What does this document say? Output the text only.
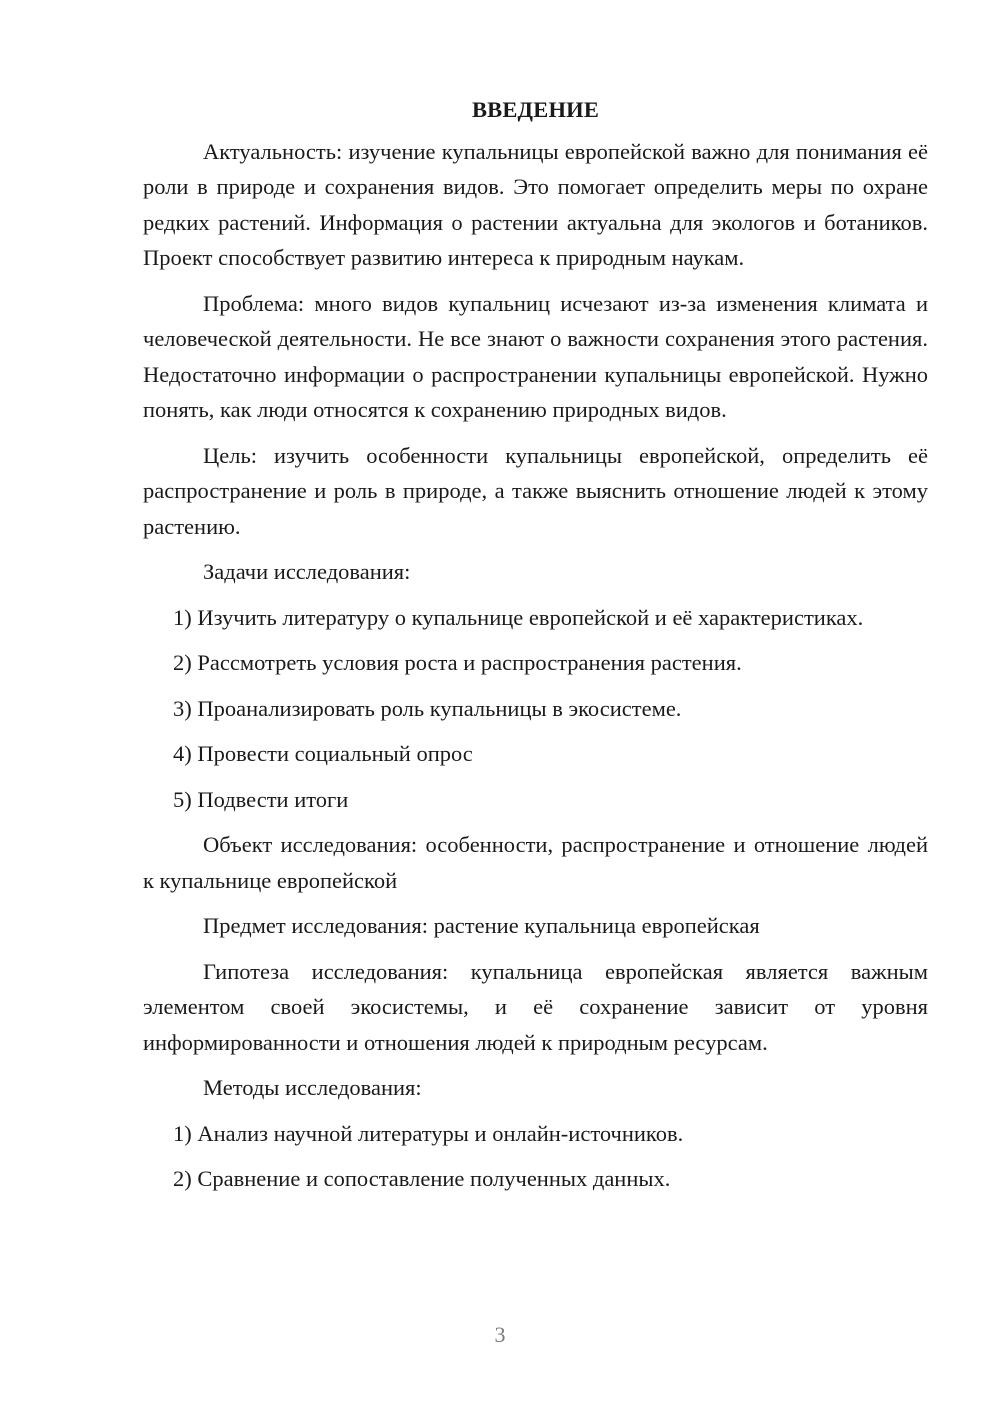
ВВЕДЕНИЕ

Актуальность: изучение купальницы европейской важно для понимания её роли в природе и сохранения видов. Это помогает определить меры по охране редких растений. Информация о растении актуальна для экологов и ботаников. Проект способствует развитию интереса к природным наукам.

Проблема: много видов купальниц исчезают из-за изменения климата и человеческой деятельности. Не все знают о важности сохранения этого растения. Недостаточно информации о распространении купальницы европейской. Нужно понять, как люди относятся к сохранению природных видов.

Цель: изучить особенности купальницы европейской, определить её распространение и роль в природе, а также выяснить отношение людей к этому растению.

Задачи исследования:

1) Изучить литературу о купальнице европейской и её характеристиках.

2) Рассмотреть условия роста и распространения растения.

3) Проанализировать роль купальницы в экосистеме.

4) Провести социальный опрос

5) Подвести итоги

Объект исследования: особенности, распространение и отношение людей к купальнице европейской

Предмет исследования: растение купальница европейская

Гипотеза исследования: купальница европейская является важным элементом своей экосистемы, и её сохранение зависит от уровня информированности и отношения людей к природным ресурсам.

Методы исследования:

1) Анализ научной литературы и онлайн-источников.

2) Сравнение и сопоставление полученных данных.

3
